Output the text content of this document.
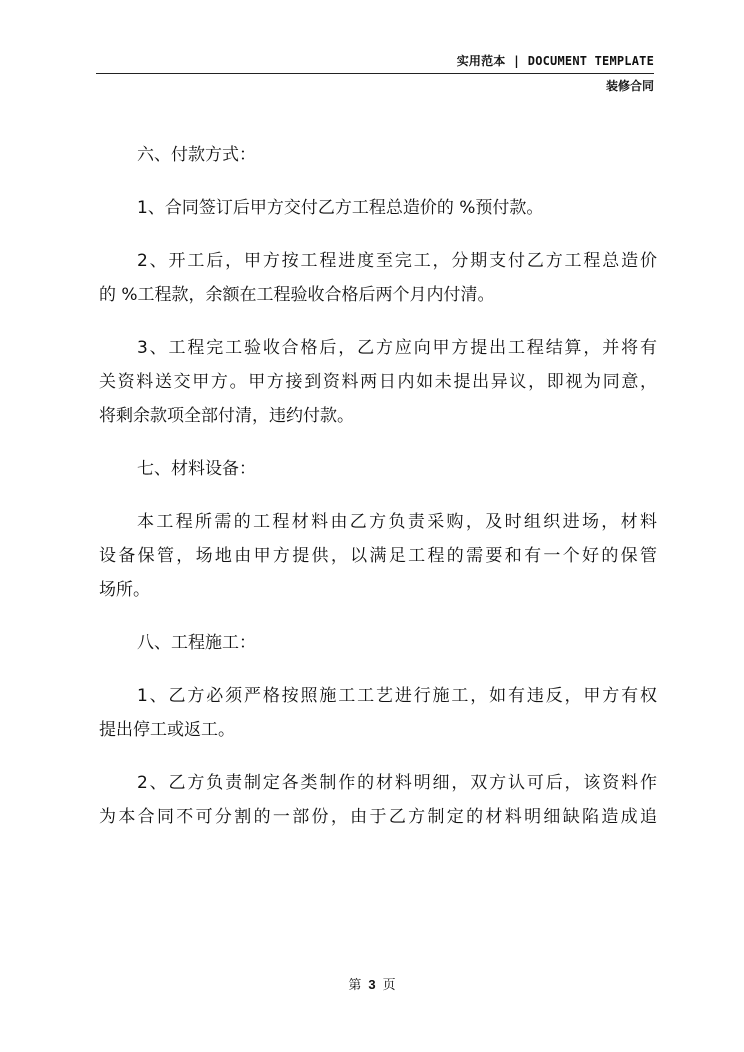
实用范本 | DOCUMENT TEMPLATE
装修合同

六、付款方式：

1、合同签订后甲方交付乙方工程总造价的 %预付款。

2、开工后，甲方按工程进度至完工，分期支付乙方工程总造价
的 %工程款，余额在工程验收合格后两个月内付清。

3、工程完工验收合格后，乙方应向甲方提出工程结算，并将有
关资料送交甲方。甲方接到资料两日内如未提出异议，即视为同意，
将剩余款项全部付清，违约付款。

七、材料设备：

本工程所需的工程材料由乙方负责采购，及时组织进场，材料
设备保管，场地由甲方提供，以满足工程的需要和有一个好的保管
场所。

八、工程施工：

1、乙方必须严格按照施工工艺进行施工，如有违反，甲方有权
提出停工或返工。

2、乙方负责制定各类制作的材料明细，双方认可后，该资料作
为本合同不可分割的一部份，由于乙方制定的材料明细缺陷造成追

第 3 页
